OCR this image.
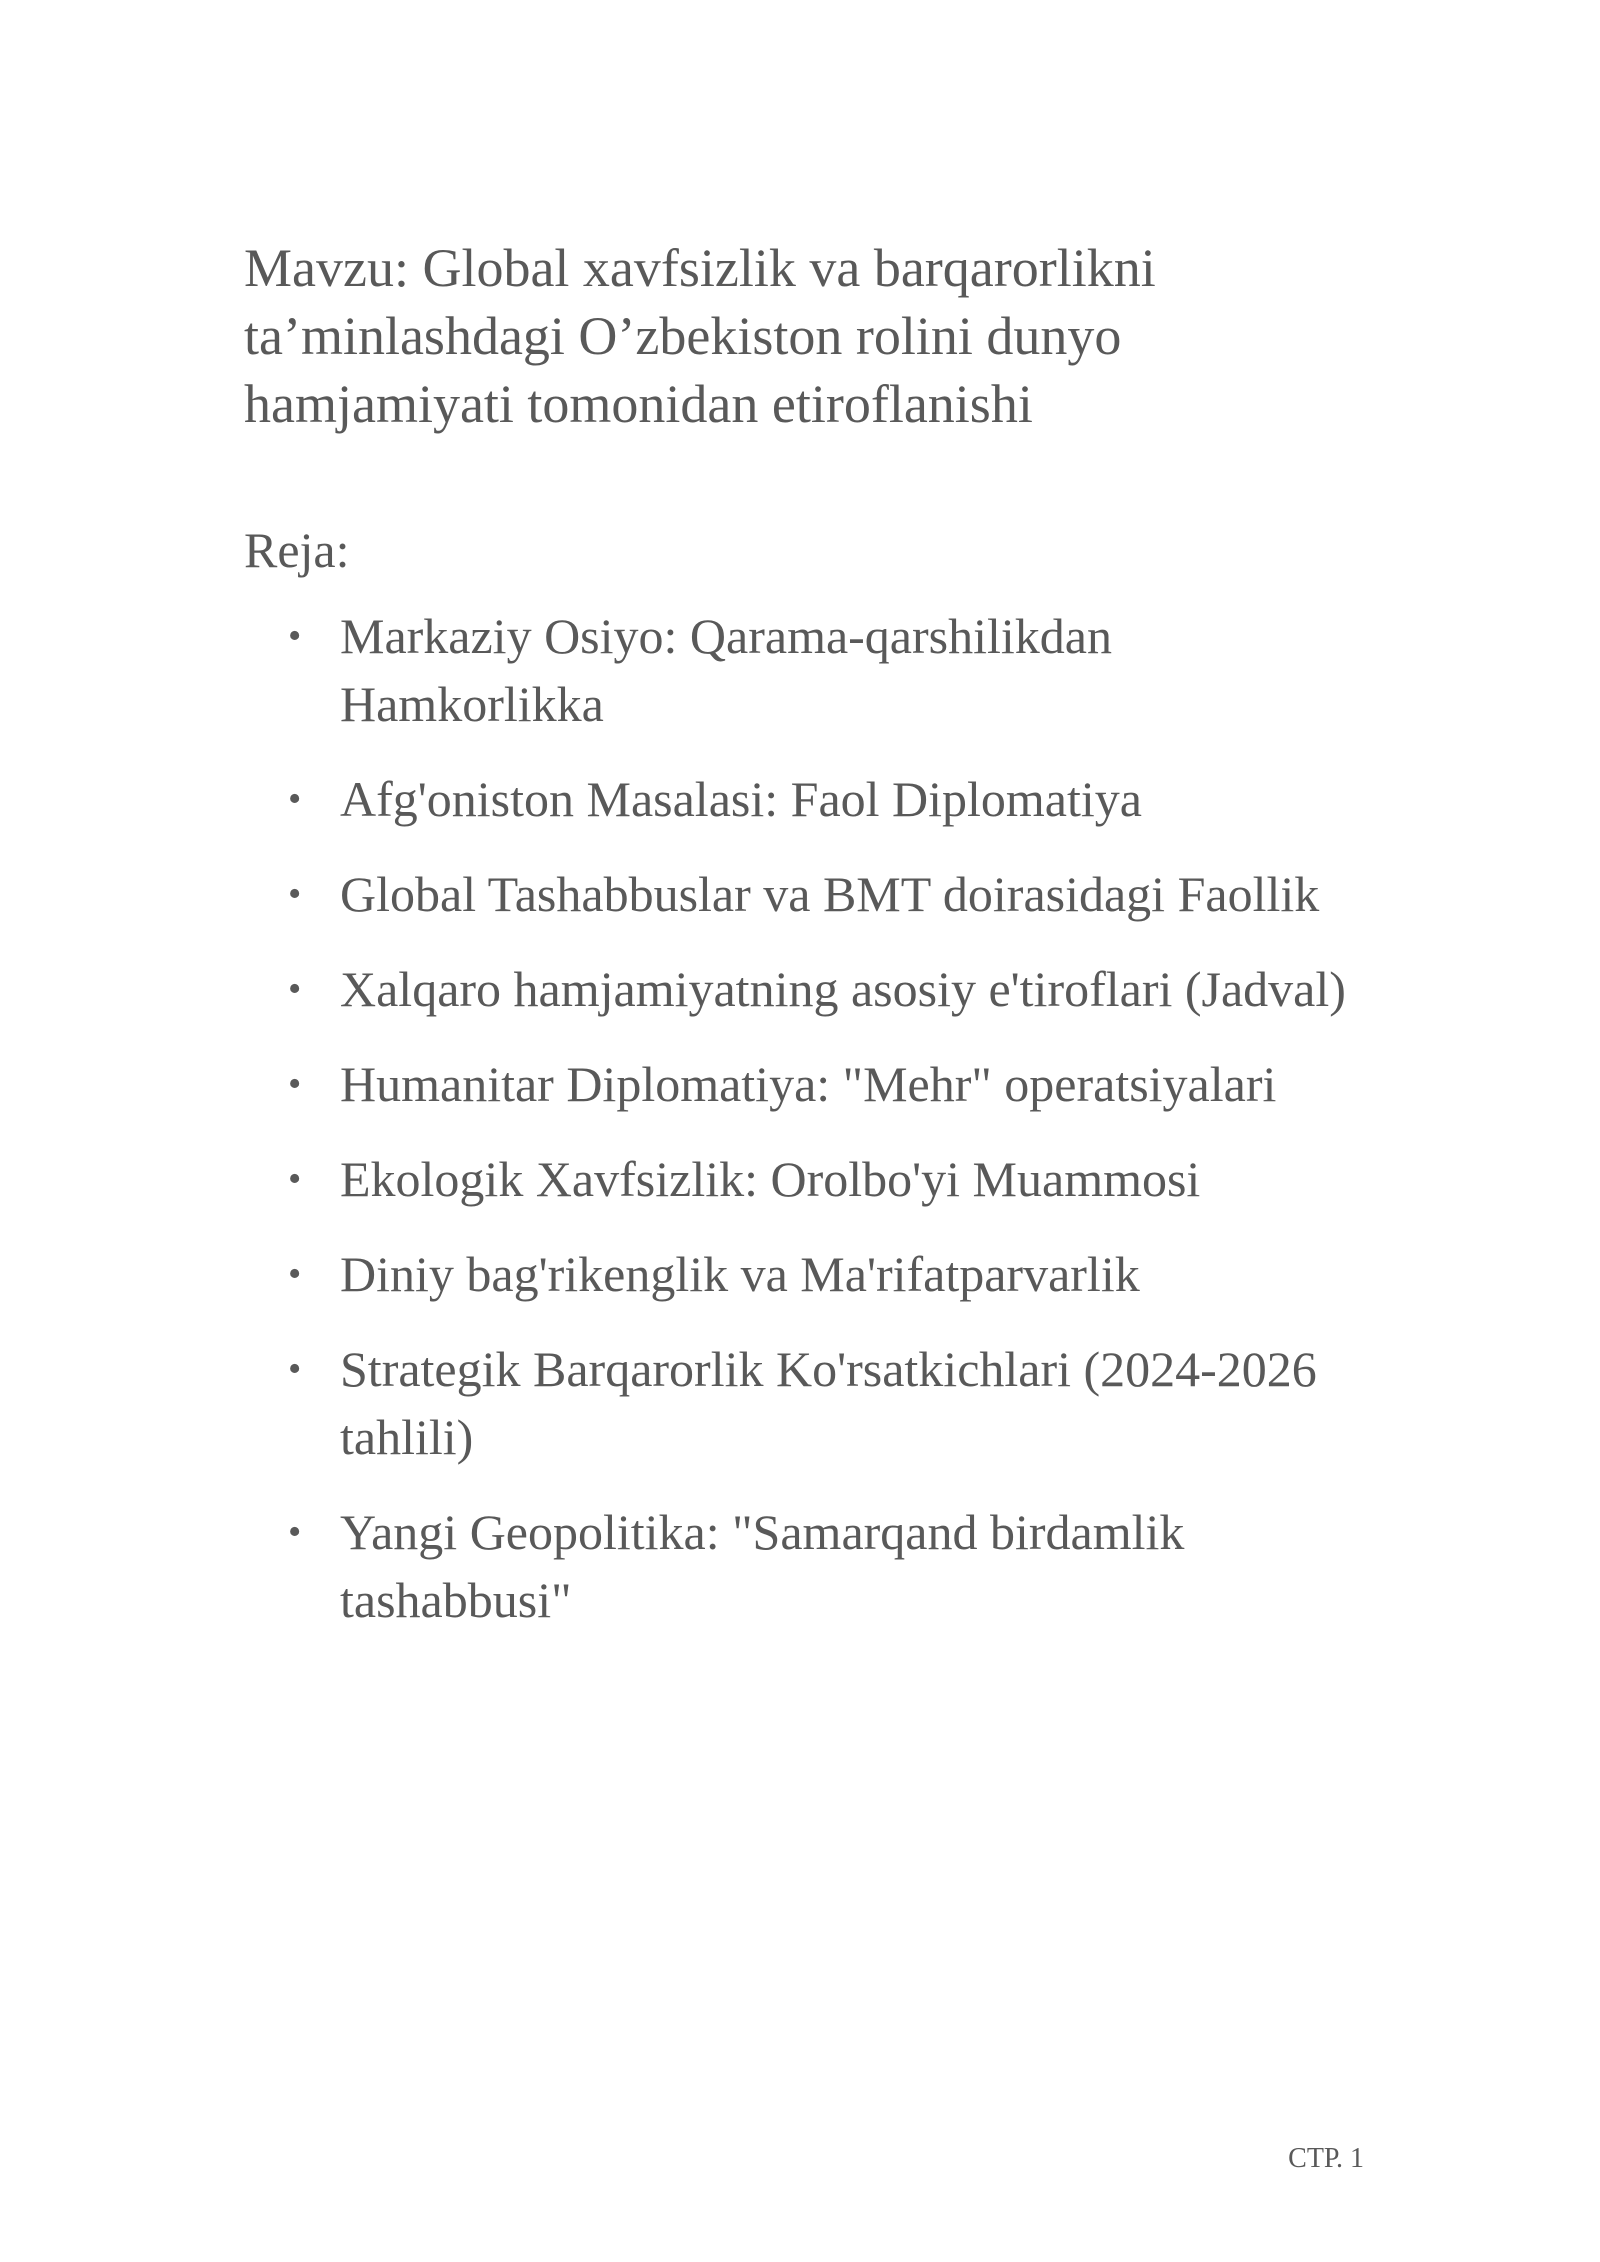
Mavzu: Global xavfsizlik va barqarorlikni ta’minlashdagi O’zbekiston rolini dunyo hamjamiyati tomonidan etiroflanishi
Reja:
• Markaziy Osiyo: Qarama-qarshilikdan Hamkorlikka
• Afg'oniston Masalasi: Faol Diplomatiya
• Global Tashabbuslar va BMT doirasidagi Faollik
• Xalqaro hamjamiyatning asosiy e'tiroflari (Jadval)
• Humanitar Diplomatiya: "Mehr" operatsiyalari
• Ekologik Xavfsizlik: Orolbo'yi Muammosi
• Diniy bag'rikenglik va Ma'rifatparvarlik
• Strategik Barqarorlik Ko'rsatkichlari (2024-2026 tahlili)
• Yangi Geopolitika: "Samarqand birdamlik tashabbusi"
СТР. 1
